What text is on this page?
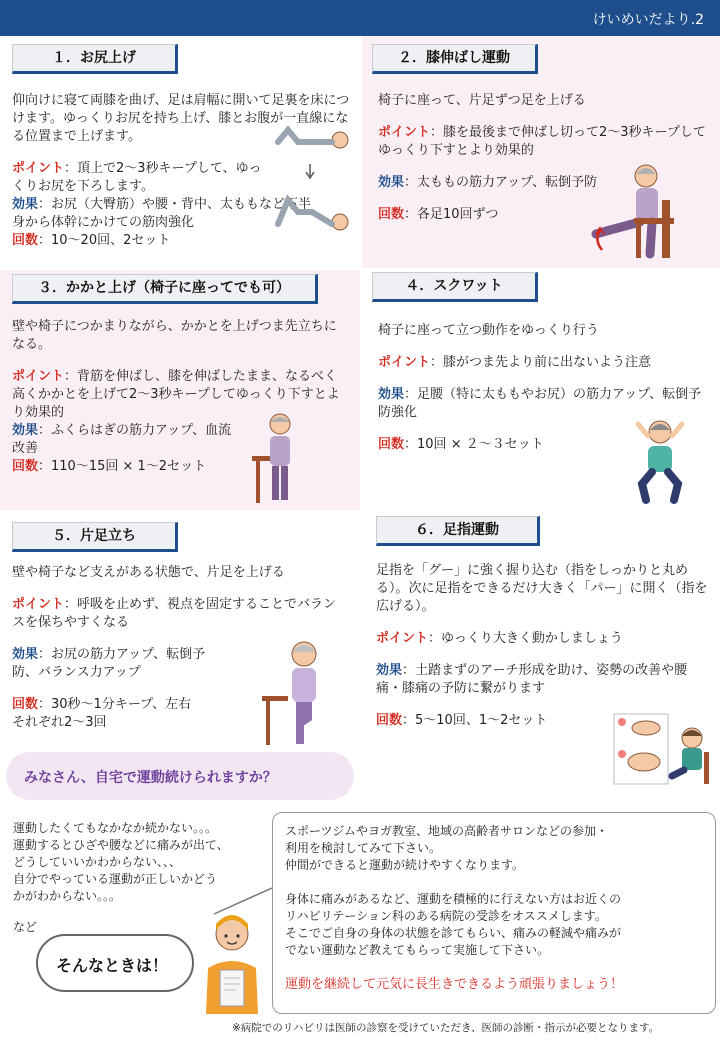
けいめいだより.2
１．お尻上げ

仰向けに寝て両膝を曲げ、足は肩幅に開いて足裏を床につけます。ゆっくりお尻を持ち上げ、膝とお腹が一直線になる位置まで上げます。

ポイント：頂上で2～3秒キープして、ゆっくりお尻を下ろします。

効果：お尻（大臀筋）や腰・背中、太ももなど下半身から体幹にかけての筋肉強化

回数：10～20回、2セット

２．膝伸ばし運動

椅子に座って、片足ずつ足を上げる

ポイント：膝を最後まで伸ばし切って2～3秒キープしてゆっくり下すとより効果的

効果：太ももの筋力アップ、転倒予防

回数：各足10回ずつ

３．かかと上げ（椅子に座ってでも可）

壁や椅子につかまりながら、かかとを上げつま先立ちになる。

ポイント：背筋を伸ばし、膝を伸ばしたまま、なるべく高くかかとを上げて2～3秒キープしてゆっくり下すとより効果的

効果：ふくらはぎの筋力アップ、血流改善

回数：110～15回 × 1～2セット

４．スクワット

椅子に座って立つ動作をゆっくり行う

ポイント：膝がつま先より前に出ないよう注意

効果：足腰（特に太ももやお尻）の筋力アップ、転倒予防強化

回数：10回 × ２～３セット

５．片足立ち

壁や椅子など支えがある状態で、片足を上げる

ポイント：呼吸を止めず、視点を固定することでバランスを保ちやすくなる

効果：お尻の筋力アップ、転倒予防、バランス力アップ

回数：30秒～1分キープ、左右それぞれ2～3回

６．足指運動

足指を「グー」に強く握り込む（指をしっかりと丸める）。次に足指をできるだけ大きく「パー」に開く（指を広げる）。

ポイント：ゆっくり大きく動かしましょう

効果：土踏まずのアーチ形成を助け、姿勢の改善や腰痛・膝痛の予防に繋がります

回数：5～10回、1～2セット

みなさん、自宅で運動続けられますか？

運動したくてもなかなか続かない。。。

運動するとひざや腰などに痛みが出て、

どうしていいかわからない、、、

自分でやっている運動が正しいかどう

かがわからない。。。

など

そんなときは！

スポーツジムやヨガ教室、地域の高齢者サロンなどの参加・

利用を検討してみて下さい。

仲間ができると運動が続けやすくなります。

身体に痛みがあるなど、運動を積極的に行えない方はお近くの

リハビリテーション科のある病院の受診をオススメします。

そこでご自身の身体の状態を診てもらい、痛みの軽減や痛みが

でない運動など教えてもらって実施して下さい。

運動を継続して元気に長生きできるよう頑張りましょう！

※病院でのリハビリは医師の診察を受けていただき、医師の診断・指示が必要となります。
